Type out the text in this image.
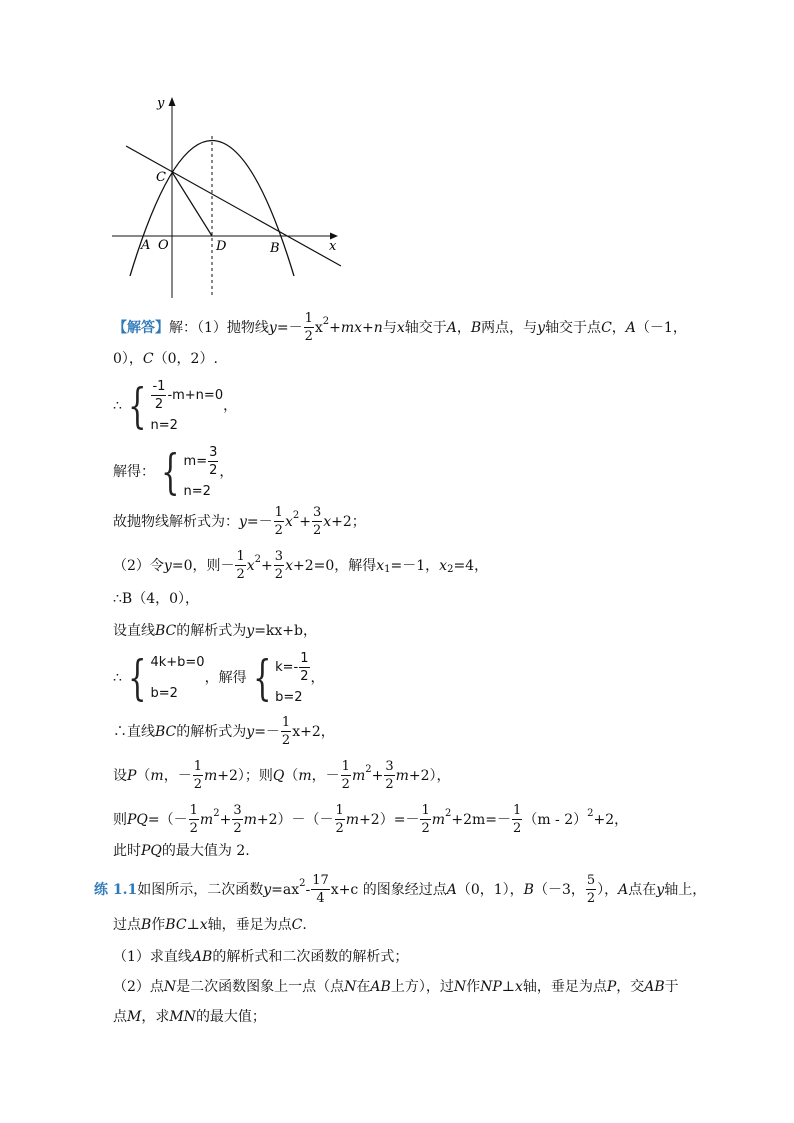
y
x
C
A O	D	B
【解答】 解：（1）抛物线 $y =- \frac{1}{2}$ x 2 + mx + n 与 x 轴交于 A ， B 两点，与 y 轴交于点 C ， A （－1，
0）， C （0，2）.
∴ { $\frac{-1}{2} -m+n=0$
n=2
，
解得： { $m= \frac{3}{2}$
n=2
，
故抛物线解析式为： $y =- \frac{1}{2}$ x $2 + \frac{3}{2}$ x +2 ；
（2）令 y =0，则－ $\frac{1}{2}$ x $2 + \frac{3}{2}$ x +2=0，解得 x 1 =－1， x 2 =4，
∴B（4，0），
设直线 BC 的解析式为 y =kx+b，
∴ { 4k+b=0
b=2
，解得 { $k=- \frac{1}{2}$
b=2
，
∴直线 BC 的解析式为 $y =- \frac{1}{2} x+2$，
设 P （ m ，－ $\frac{1}{2}$ m +2）；则 Q （ m ，－ $\frac{1}{2}$ m $2 + \frac{3}{2}$ m +2），
则 PQ =（－ $\frac{1}{2}$ m $2 + \frac{3}{2}$ $m +2)-(- \frac{1}{2}$ $m +2)=- \frac{1}{2}$ m $2 +2m=- \frac{1}{2} (m - 2)$ 2 +2，
此时 PQ 的最大值为 2.
练 1.1 如图所示，二次函数 y =ax $2 - \frac{17}{4} x+c$ 的图象经过点 A （0，1）， B （－3， $\frac{5}{2}$ ）， A 点在 y 轴上，
过点 B 作 BC ⊥ x 轴，垂足为点 C .
（1）求直线 AB 的解析式和二次函数的解析式；
（2）点 N 是二次函数图象上一点（点 N 在 AB 上方），过 N 作 NP ⊥ x 轴，垂足为点 P ，交 AB 于
点 M ，求 MN 的最大值；
